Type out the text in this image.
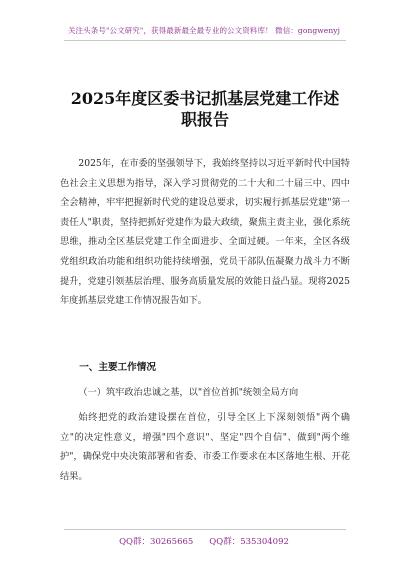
关注头条号"公文研究"，获得最新最全最专业的公文资料库！ 微信：gongwenyj
2025年度区委书记抓基层党建工作述职报告

2025年，在市委的坚强领导下，我始终坚持以习近平新时代中国特色社会主义思想为指导，深入学习贯彻党的二十大和二十届三中、四中全会精神，牢牢把握新时代党的建设总要求，切实履行抓基层党建"第一责任人"职责，坚持把抓好党建作为最大政绩，聚焦主责主业，强化系统思维，推动全区基层党建工作全面进步、全面过硬。一年来，全区各级党组织政治功能和组织功能持续增强，党员干部队伍凝聚力战斗力不断提升，党建引领基层治理、服务高质量发展的效能日益凸显。现将2025年度抓基层党建工作情况报告如下。

一、主要工作情况
（一）筑牢政治忠诚之基，以"首位首抓"统领全局方向

始终把党的政治建设摆在首位，引导全区上下深刻领悟"两个确立"的决定性意义，增强"四个意识"、坚定"四个自信"、做到"两个维护"，确保党中央决策部署和省委、市委工作要求在本区落地生根、开花结果。

QQ群：30265665 QQ群：535304092
